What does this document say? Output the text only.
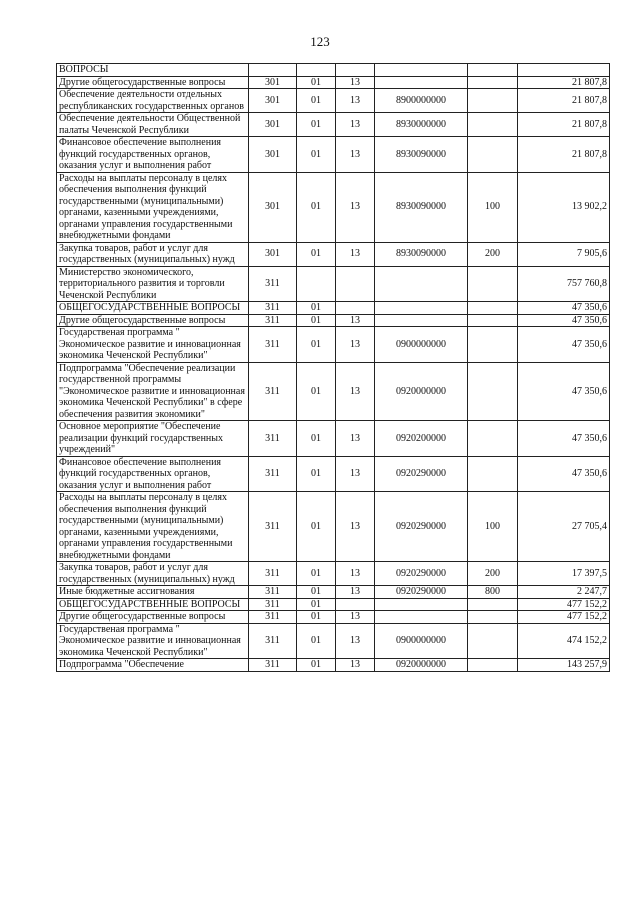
123
ВОПРОСЫ						
Другие общегосударственные вопросы	301	01	13			21 807,8
Обеспечение деятельности отдельных республиканских государственных органов	301	01	13	8900000000		21 807,8
Обеспечение деятельности Общественной палаты Чеченской Республики	301	01	13	8930000000		21 807,8
Финансовое обеспечение выполнения функций государственных органов, оказания услуг и выполнения работ	301	01	13	8930090000		21 807,8
Расходы на выплаты персоналу в целях обеспечения выполнения функций государственными (муниципальными) органами, казенными учреждениями, органами управления государственными внебюджетными фондами	301	01	13	8930090000	100	13 902,2
Закупка товаров, работ и услуг для государственных (муниципальных) нужд	301	01	13	8930090000	200	7 905,6
Министерство экономического, территориального развития и торговли Чеченской Республики	311					757 760,8
ОБЩЕГОСУДАРСТВЕННЫЕ ВОПРОСЫ	311	01				47 350,6
Другие общегосударственные вопросы	311	01	13			47 350,6
Государственая программа " Экономическое развитие и инновационная экономика Чеченской Республики"	311	01	13	0900000000		47 350,6
Подпрограмма "Обеспечение реализации государственной программы "Экономическое развитие и инновационная экономика Чеченской Республики" в сфере обеспечения развития экономики"	311	01	13	0920000000		47 350,6
Основное мероприятие "Обеспечение реализации функций государственных учреждений"	311	01	13	0920200000		47 350,6
Финансовое обеспечение выполнения функций государственных органов, оказания услуг и выполнения работ	311	01	13	0920290000		47 350,6
Расходы на выплаты персоналу в целях обеспечения выполнения функций государственными (муниципальными) органами, казенными учреждениями, органами управления государственными внебюджетными фондами	311	01	13	0920290000	100	27 705,4
Закупка товаров, работ и услуг для государственных (муниципальных) нужд	311	01	13	0920290000	200	17 397,5
Иные бюджетные ассигнования	311	01	13	0920290000	800	2 247,7
ОБЩЕГОСУДАРСТВЕННЫЕ ВОПРОСЫ	311	01				477 152,2
Другие общегосударственные вопросы	311	01	13			477 152,2
Государственая программа " Экономическое развитие и инновационная экономика Чеченской Республики"	311	01	13	0900000000		474 152,2
Подпрограмма "Обеспечение	311	01	13	0920000000		143 257,9
